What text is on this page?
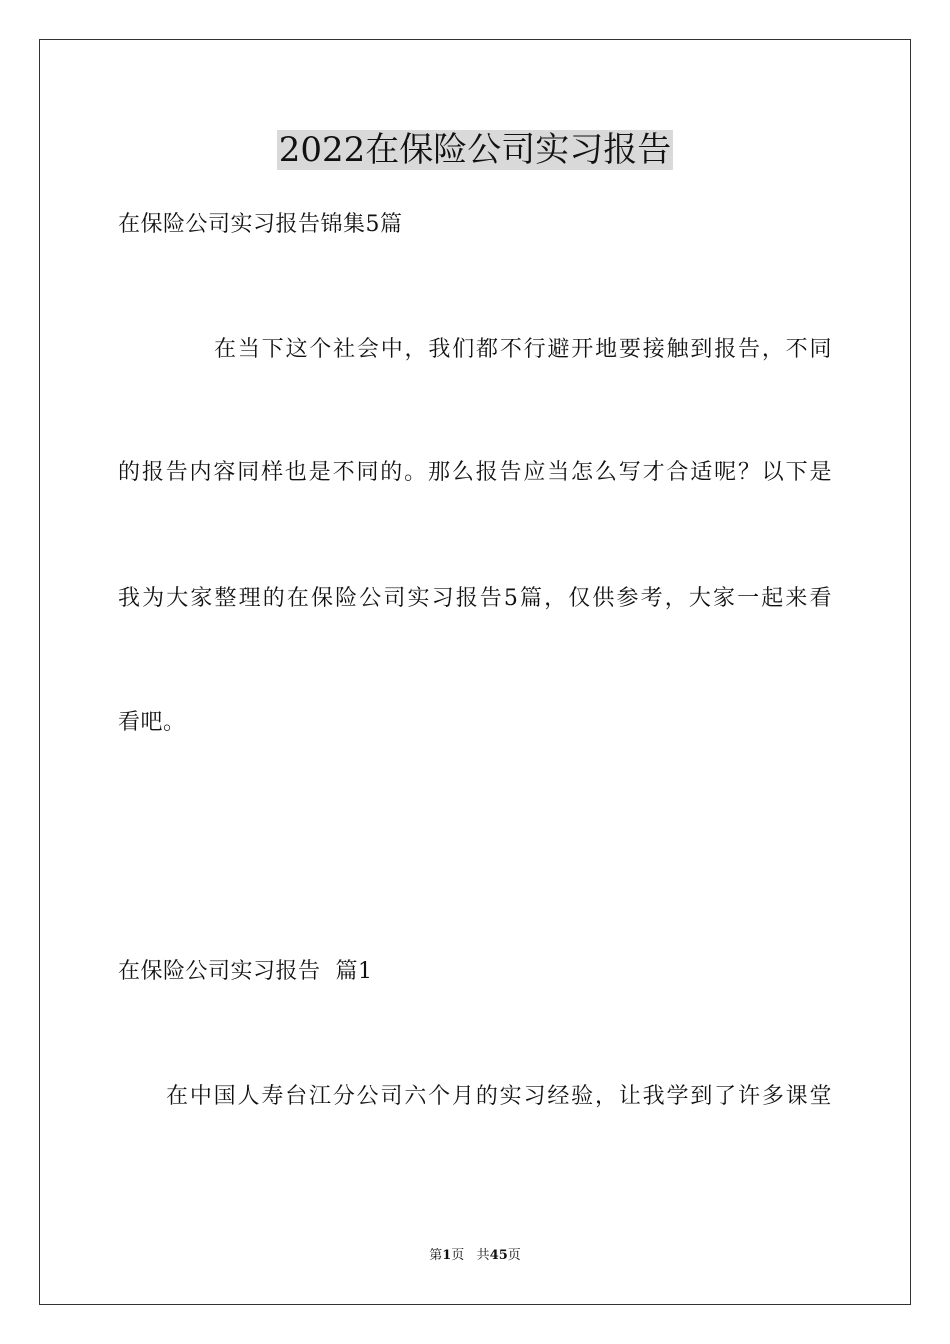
2022在保险公司实习报告

在保险公司实习报告锦集5篇

在当下这个社会中，我们都不行避开地要接触到报告，不同

的报告内容同样也是不同的。那么报告应当怎么写才合适呢？以下是

我为大家整理的在保险公司实习报告5篇，仅供参考，大家一起来看

看吧。

在保险公司实习报告  篇1

在中国人寿台江分公司六个月的实习经验，让我学到了许多课堂

第1页 共45页
